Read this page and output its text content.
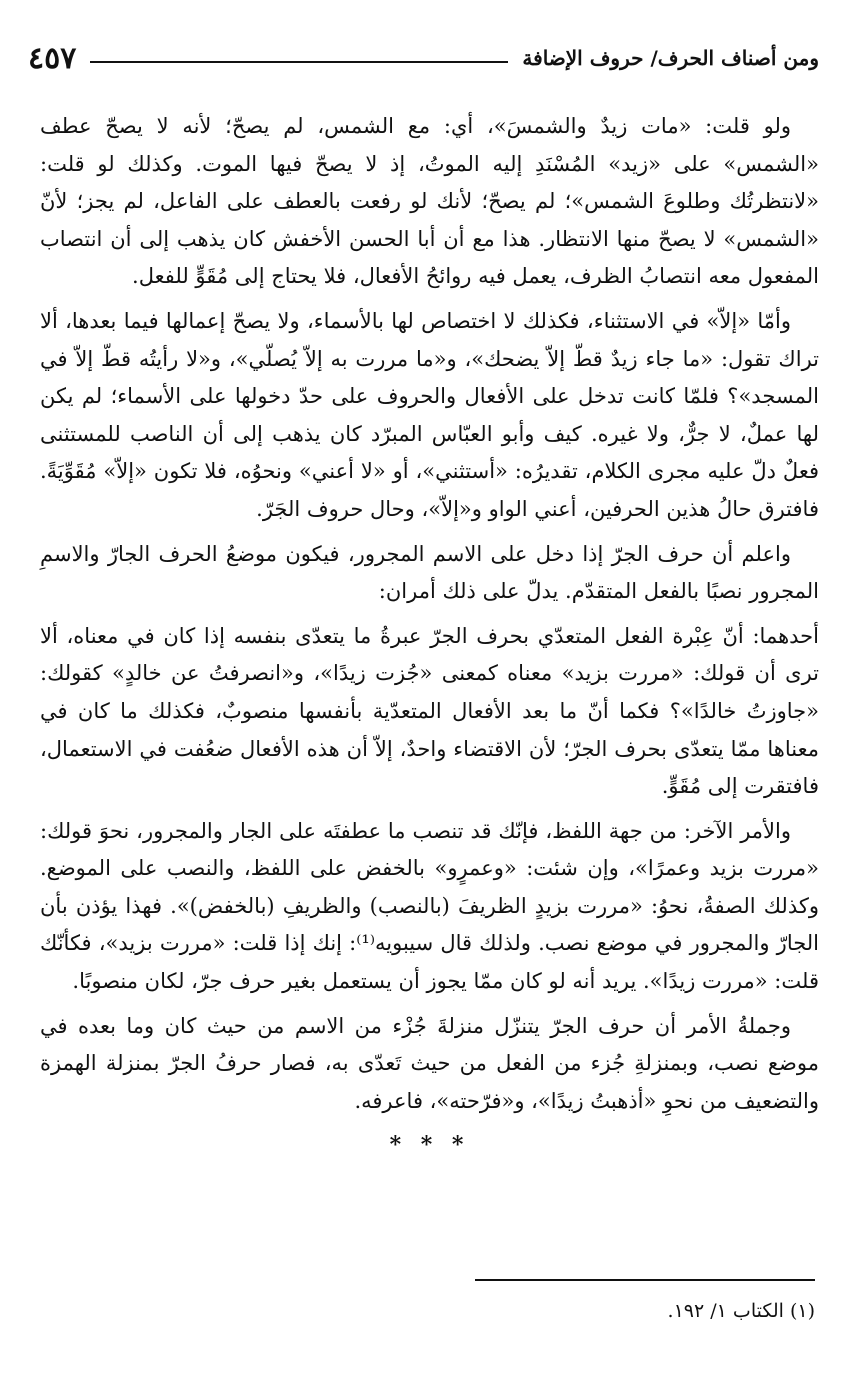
ومن أصناف الحرف/ حروف الإضافة
٤٥٧

ولو قلت: «مات زيدٌ والشمسَ»، أي: مع الشمس، لم يصحّ؛ لأنه لا يصحّ عطف «الشمس» على «زيد» المُسْنَدِ إليه الموتُ، إذ لا يصحّ فيها الموت. وكذلك لو قلت: «لانتظرتُك وطلوعَ الشمس»؛ لم يصحّ؛ لأنك لو رفعت بالعطف على الفاعل، لم يجز؛ لأنّ «الشمس» لا يصحّ منها الانتظار. هذا مع أن أبا الحسن الأخفش كان يذهب إلى أن انتصاب المفعول معه انتصابُ الظرف، يعمل فيه روائحُ الأفعال، فلا يحتاج إلى مُقَوٍّ للفعل.

وأمّا «إلاّ» في الاستثناء، فكذلك لا اختصاص لها بالأسماء، ولا يصحّ إعمالها فيما بعدها، ألا تراك تقول: «ما جاء زيدٌ قطّ إلاّ يضحك»، و«ما مررت به إلاّ يُصلّي»، و«لا رأيتُه قطّ إلاّ في المسجد»؟ فلمّا كانت تدخل على الأفعال والحروف على حدّ دخولها على الأسماء؛ لم يكن لها عملٌ، لا جرٌّ، ولا غيره. كيف وأبو العبّاس المبرّد كان يذهب إلى أن الناصب للمستثنى فعلٌ دلّ عليه مجرى الكلام، تقديرُه: «أستثني»، أو «لا أعني» ونحوُه، فلا تكون «إلاّ» مُقَوِّيَةً. فافترق حالُ هذين الحرفين، أعني الواو و«إلاّ»، وحال حروف الجَرّ.

واعلم أن حرف الجرّ إذا دخل على الاسم المجرور، فيكون موضعُ الحرف الجارّ والاسمِ المجرور نصبًا بالفعل المتقدّم. يدلّ على ذلك أمران:

أحدهما: أنّ عِبْرة الفعل المتعدّي بحرف الجرّ عبرةُ ما يتعدّى بنفسه إذا كان في معناه، ألا ترى أن قولك: «مررت بزيد» معناه كمعنى «جُزت زيدًا»، و«انصرفتُ عن خالدٍ» كقولك: «جاوزتُ خالدًا»؟ فكما أنّ ما بعد الأفعال المتعدّية بأنفسها منصوبٌ، فكذلك ما كان في معناها ممّا يتعدّى بحرف الجرّ؛ لأن الاقتضاء واحدٌ، إلاّ أن هذه الأفعال ضعُفت في الاستعمال، فافتقرت إلى مُقَوٍّ.

والأمر الآخر: من جهة اللفظ، فإنّك قد تنصب ما عطفتَه على الجار والمجرور، نحوَ قولك: «مررت بزيد وعمرًا»، وإن شئت: «وعمرٍو» بالخفض على اللفظ، والنصب على الموضع. وكذلك الصفةُ، نحوُ: «مررت بزيدٍ الظريفَ (بالنصب) والظريفِ (بالخفض)». فهذا يؤذن بأن الجارّ والمجرور في موضع نصب. ولذلك قال سيبويه⁽¹⁾: إنك إذا قلت: «مررت بزيد»، فكأنّك قلت: «مررت زيدًا». يريد أنه لو كان ممّا يجوز أن يستعمل بغير حرف جرّ، لكان منصوبًا.

وجملةُ الأمر أن حرف الجرّ يتنزّل منزلةَ جُزْء من الاسم من حيث كان وما بعده في موضع نصب، وبمنزلةِ جُزء من الفعل من حيث تَعدّى به، فصار حرفُ الجرّ بمنزلة الهمزة والتضعيف من نحوِ «أذهبتُ زيدًا»، و«فرّحته»، فاعرفه.

* * *
(١) الكتاب ١/ ١٩٢.
